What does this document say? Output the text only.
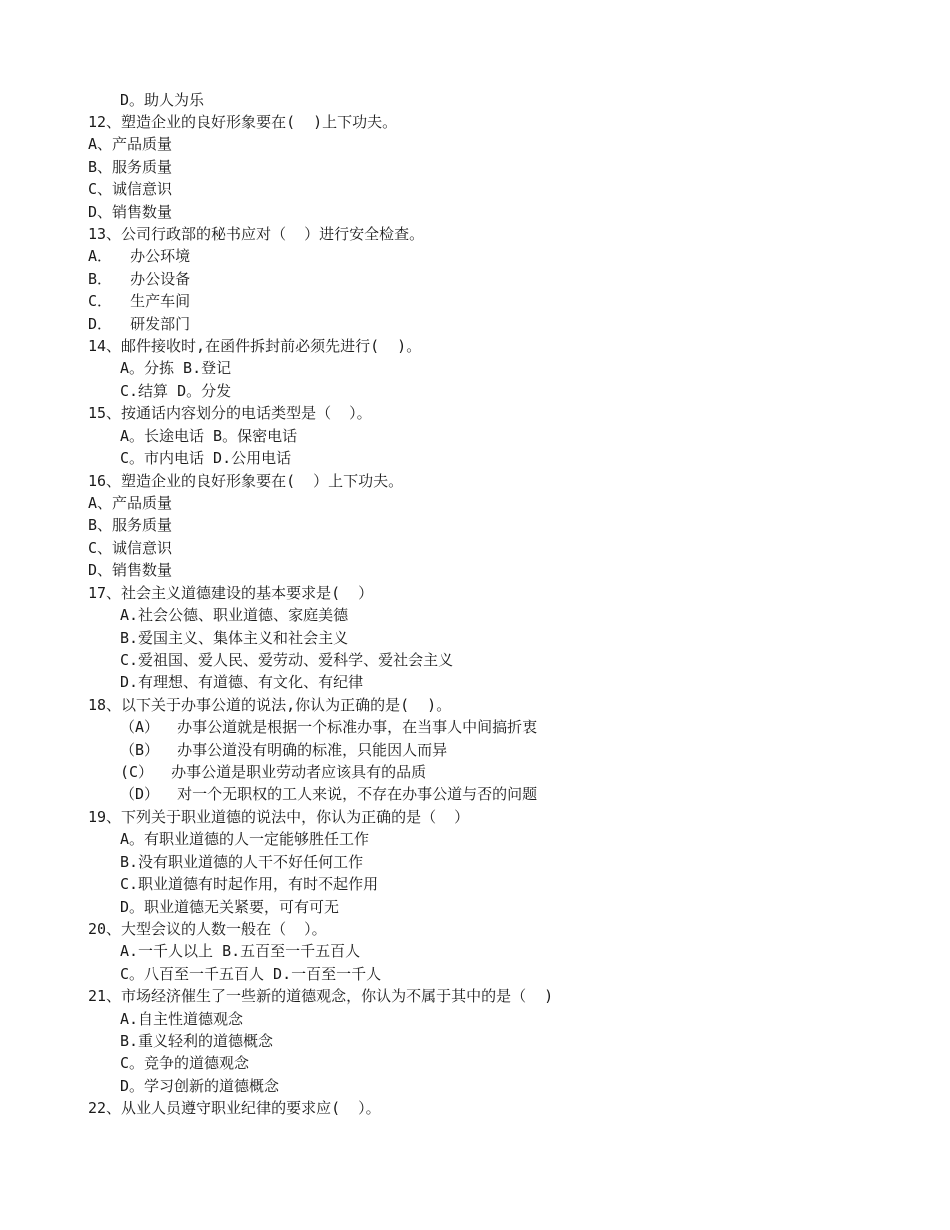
D。助人为乐
12、塑造企业的良好形象要在(  )上下功夫。
A、产品质量
B、服务质量
C、诚信意识
D、销售数量
13、公司行政部的秘书应对（  ）进行安全检查。
A．  办公环境
B．  办公设备
C．  生产车间
D．  研发部门
14、邮件接收时,在函件拆封前必须先进行(  )。
A。分拣 B.登记
C.结算 D。分发
15、按通话内容划分的电话类型是（  ）。
A。长途电话 B。保密电话
C。市内电话 D.公用电话
16、塑造企业的良好形象要在(  ）上下功夫。
A、产品质量
B、服务质量
C、诚信意识
D、销售数量
17、社会主义道德建设的基本要求是(  ）
A.社会公德、职业道德、家庭美德
B.爱国主义、集体主义和社会主义
C.爱祖国、爱人民、爱劳动、爱科学、爱社会主义
D.有理想、有道德、有文化、有纪律
18、以下关于办事公道的说法,你认为正确的是(  )。
（A）  办事公道就是根据一个标准办事，在当事人中间搞折衷
（B）  办事公道没有明确的标准，只能因人而异
(C）  办事公道是职业劳动者应该具有的品质
（D）  对一个无职权的工人来说，不存在办事公道与否的问题
19、下列关于职业道德的说法中，你认为正确的是（  ）
A。有职业道德的人一定能够胜任工作
B.没有职业道德的人干不好任何工作
C.职业道德有时起作用，有时不起作用
D。职业道德无关紧要，可有可无
20、大型会议的人数一般在（  ）。
A.一千人以上 B.五百至一千五百人
C。八百至一千五百人 D.一百至一千人
21、市场经济催生了一些新的道德观念，你认为不属于其中的是（  )
A.自主性道德观念
B.重义轻利的道德概念
C。竞争的道德观念
D。学习创新的道德概念
22、从业人员遵守职业纪律的要求应(  ）。
